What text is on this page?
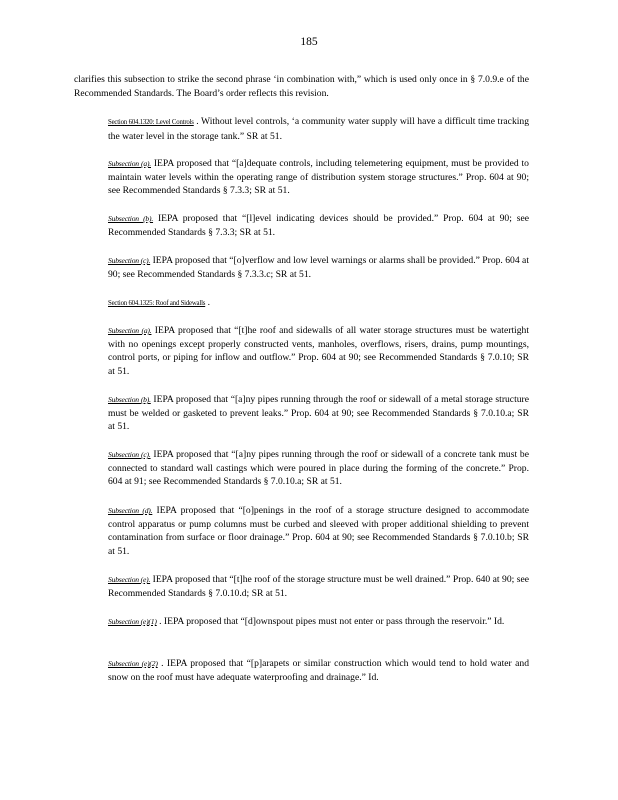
185
clarifies this subsection to strike the second phrase ‘in combination with,” which is used only once in § 7.0.9.e of the Recommended Standards. The Board’s order reflects this revision.
Section 604.1320: Level Controls . Without level controls, ‘a community water supply will have a difficult time tracking the water level in the storage tank.” SR at 51.
Subsection (a). IEPA proposed that “[a]dequate controls, including telemetering equipment, must be provided to maintain water levels within the operating range of distribution system storage structures.” Prop. 604 at 90; see Recommended Standards § 7.3.3; SR at 51.
Subsection (b). IEPA proposed that “[l]evel indicating devices should be provided.” Prop. 604 at 90; see Recommended Standards § 7.3.3; SR at 51.
Subsection (c). IEPA proposed that “[o]verflow and low level warnings or alarms shall be provided.” Prop. 604 at 90; see Recommended Standards § 7.3.3.c; SR at 51.
Section 604.1325: Roof and Sidewalls .
Subsection (a). IEPA proposed that “[t]he roof and sidewalls of all water storage structures must be watertight with no openings except properly constructed vents, manholes, overflows, risers, drains, pump mountings, control ports, or piping for inflow and outflow.” Prop. 604 at 90; see Recommended Standards § 7.0.10; SR at 51.
Subsection (b). IEPA proposed that “[a]ny pipes running through the roof or sidewall of a metal storage structure must be welded or gasketed to prevent leaks.” Prop. 604 at 90; see Recommended Standards § 7.0.10.a; SR at 51.
Subsection (c). IEPA proposed that “[a]ny pipes running through the roof or sidewall of a concrete tank must be connected to standard wall castings which were poured in place during the forming of the concrete.” Prop. 604 at 91; see Recommended Standards § 7.0.10.a; SR at 51.
Subsection (d). IEPA proposed that “[o]penings in the roof of a storage structure designed to accommodate control apparatus or pump columns must be curbed and sleeved with proper additional shielding to prevent contamination from surface or floor drainage.” Prop. 604 at 90; see Recommended Standards § 7.0.10.b; SR at 51.
Subsection (e). IEPA proposed that “[t]he roof of the storage structure must be well drained.” Prop. 640 at 90; see Recommended Standards § 7.0.10.d; SR at 51.
Subsection (e)(1) . IEPA proposed that “[d]ownspout pipes must not enter or pass through the reservoir.” Id.
Subsection (e)(2) . IEPA proposed that “[p]arapets or similar construction which would tend to hold water and snow on the roof must have adequate waterproofing and drainage.” Id.
